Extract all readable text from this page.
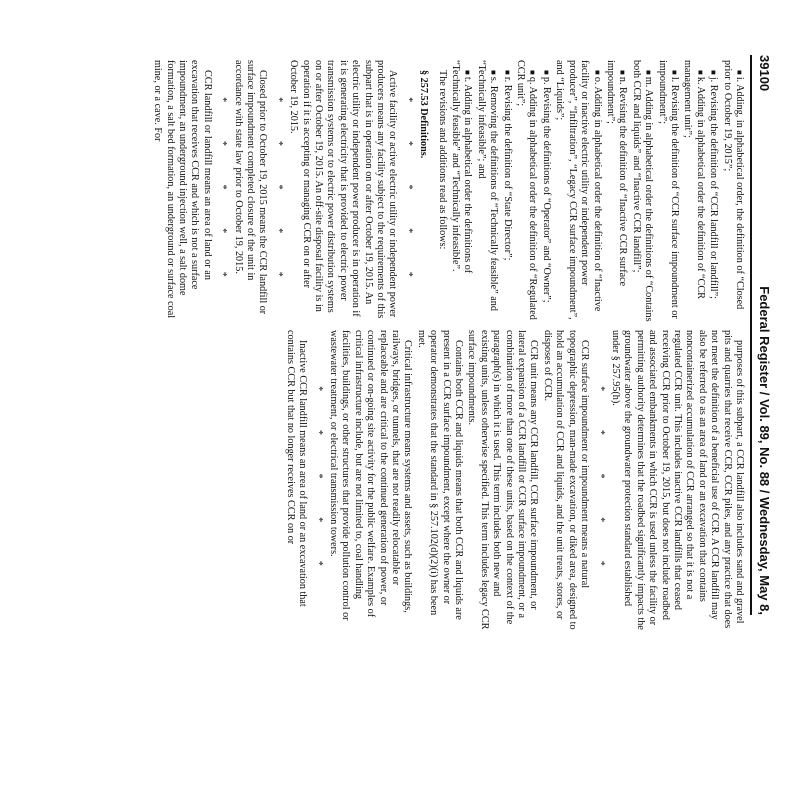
39100
Federal Register / Vol. 89, No. 88 / Wednesday, May 8,

■ i. Adding, in alphabetical order, the definition of “Closed prior to October 19, 2015”;

■ j. Revising the definition of “CCR landfill or landfill”;

■ k. Adding in alphabetical order the definition of “CCR management unit”;

■ l. Revising the definition of “CCR surface impoundment or impoundment”;

■ m. Adding in alphabetical order the definitions of “Contains both CCR and liquids” and “Inactive CCR landfill”;

■ n. Revising the definition of “Inactive CCR surface impoundment”;

■ o. Adding in alphabetical order the definition of “Inactive facility or inactive electric utility or independent power producer”, “Infiltration”, “Legacy CCR surface impoundment”, and “Liquids”;

■ p. Revising the definitions of “Operator” and “Owner”;

■ q. Adding in alphabetical order the definition of “Regulated CCR unit”;

■ r. Revising the definition of “State Director”;

■ s. Removing the definitions of “Technically feasible” and “Technically infeasible”; and

■ t. Adding in alphabetical order the definitions of “Technically feasible” and “Technically infeasible”.

The revisions and additions read as follows:

§ 257.53 Definitions.

* * * * *

Active facility or active electric utility or independent power producers means any facility subject to the requirements of this subpart that is in operation on or after October 19, 2015. An electric utility or independent power producer is in operation if it is generating electricity that is provided to electric power transmission systems or to electric power distribution systems on or after October 19, 2015. An off-site disposal facility is in operation if it is accepting or managing CCR on or after October 19, 2015.

* * * * *

Closed prior to October 19, 2015 means the CCR landfill or surface impoundment completed closure of the unit in accordance with state law prior to October 19, 2015.

* * * * *

CCR landfill or landfill means an area of land or an excavation that receives CCR and which is not a surface impoundment, an underground injection well, a salt dome formation, a salt bed formation, an underground or surface coal mine, or a cave. For

purposes of this subpart, a CCR landfill also includes sand and gravel pits and quarries that receive CCR, CCR piles, and any practice that does not meet the definition of a beneficial use of CCR. A CCR landfill may also be referred to as an area of land or an excavation that contains noncontainerized accumulation of CCR arranged so that it is not a regulated CCR unit. This includes inactive CCR landfills that ceased receiving CCR prior to October 19, 2015, but does not include roadbed and associated embankments in which CCR is used unless the facility or permitting authority determines that the roadbed significantly impacts the groundwater above the groundwater protection standard established under § 257.95(h).

* * * * *

CCR surface impoundment or impoundment means a natural topographic depression, man-made excavation, or diked area, designed to hold an accumulation of CCR and liquids, and the unit treats, stores, or disposes of CCR.

CCR unit means any CCR landfill, CCR surface impoundment, or lateral expansion of a CCR landfill or CCR surface impoundment, or a combination of more than one of these units, based on the context of the paragraph(s) in which it is used. This term includes both new and existing units, unless otherwise specified. This term includes legacy CCR surface impoundments.

Contains both CCR and liquids means that both CCR and liquids are present in a CCR surface impoundment, except where the owner or operator demonstrates that the standard in § 257.102(d)(2)(i) has been met.

Critical infrastructure means systems and assets, such as buildings, railways, bridges, or tunnels, that are not readily relocatable or replaceable and are critical to the continued generation of power, or continued or on-going site activity for the public welfare. Examples of critical infrastructure include, but are not limited to, coal handling facilities, buildings, or other structures that provide pollution control or wastewater treatment, or electrical transmission towers.

* * * * *

Inactive CCR landfill means an area of land or an excavation that contains CCR but that no longer receives CCR on or
